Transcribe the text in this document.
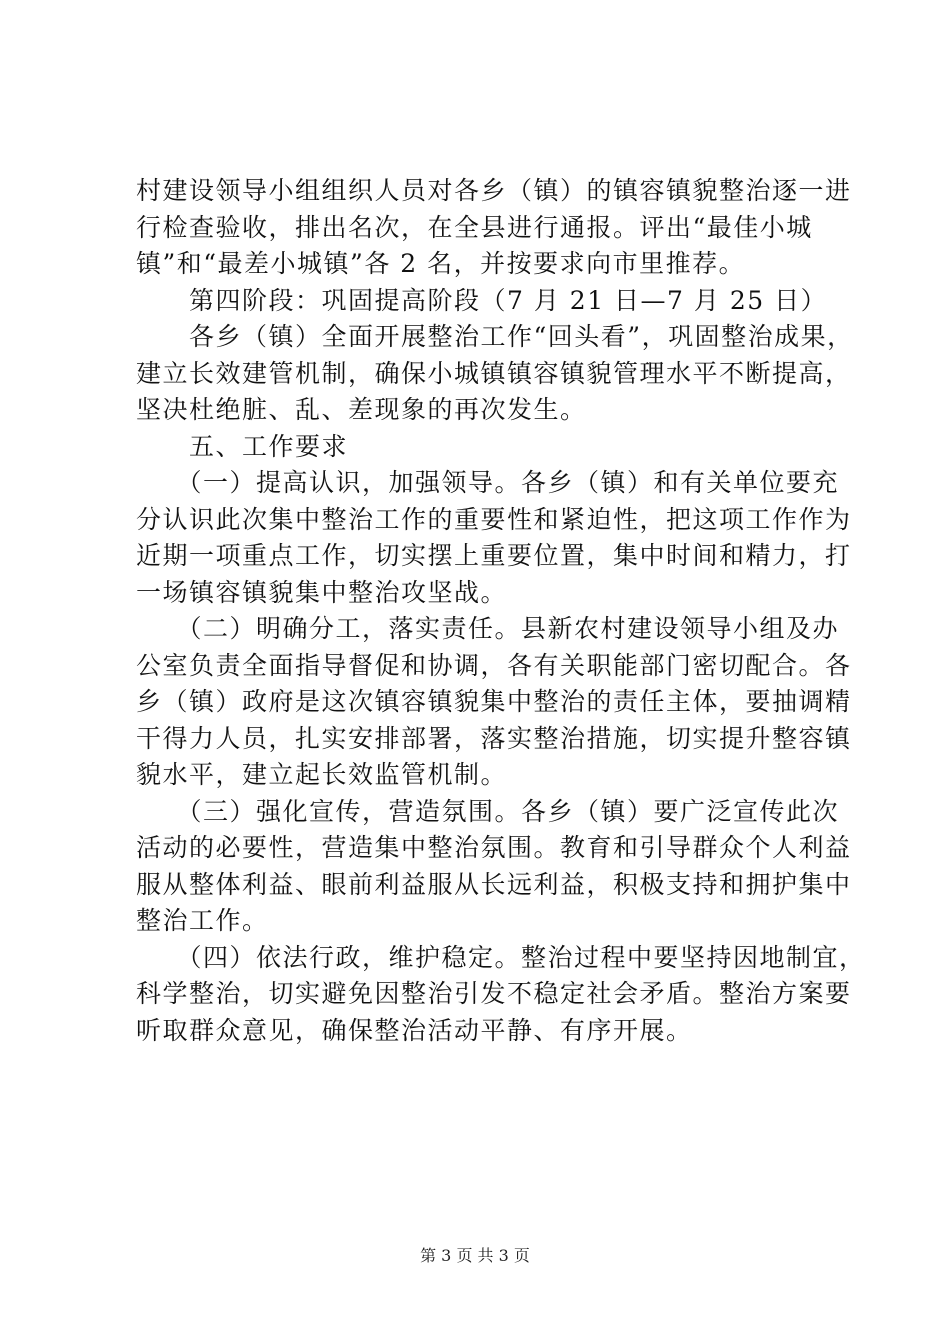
村建设领导小组组织人员对各乡（镇）的镇容镇貌整治逐一进
行检查验收，排出名次，在全县进行通报。评出“最佳小城
镇”和“最差小城镇”各 2 名，并按要求向市里推荐。
　　第四阶段：巩固提高阶段（7 月 21 日—7 月 25 日）
　　各乡（镇）全面开展整治工作“回头看”，巩固整治成果，
建立长效建管机制，确保小城镇镇容镇貌管理水平不断提高，
坚决杜绝脏、乱、差现象的再次发生。
　　五、工作要求
　　（一）提高认识，加强领导。各乡（镇）和有关单位要充
分认识此次集中整治工作的重要性和紧迫性，把这项工作作为
近期一项重点工作，切实摆上重要位置，集中时间和精力，打
一场镇容镇貌集中整治攻坚战。
　　（二）明确分工，落实责任。县新农村建设领导小组及办
公室负责全面指导督促和协调，各有关职能部门密切配合。各
乡（镇）政府是这次镇容镇貌集中整治的责任主体，要抽调精
干得力人员，扎实安排部署，落实整治措施，切实提升整容镇
貌水平，建立起长效监管机制。
　　（三）强化宣传，营造氛围。各乡（镇）要广泛宣传此次
活动的必要性，营造集中整治氛围。教育和引导群众个人利益
服从整体利益、眼前利益服从长远利益，积极支持和拥护集中
整治工作。
　　（四）依法行政，维护稳定。整治过程中要坚持因地制宜，
科学整治，切实避免因整治引发不稳定社会矛盾。整治方案要
听取群众意见，确保整治活动平静、有序开展。
第 3 页 共 3 页
